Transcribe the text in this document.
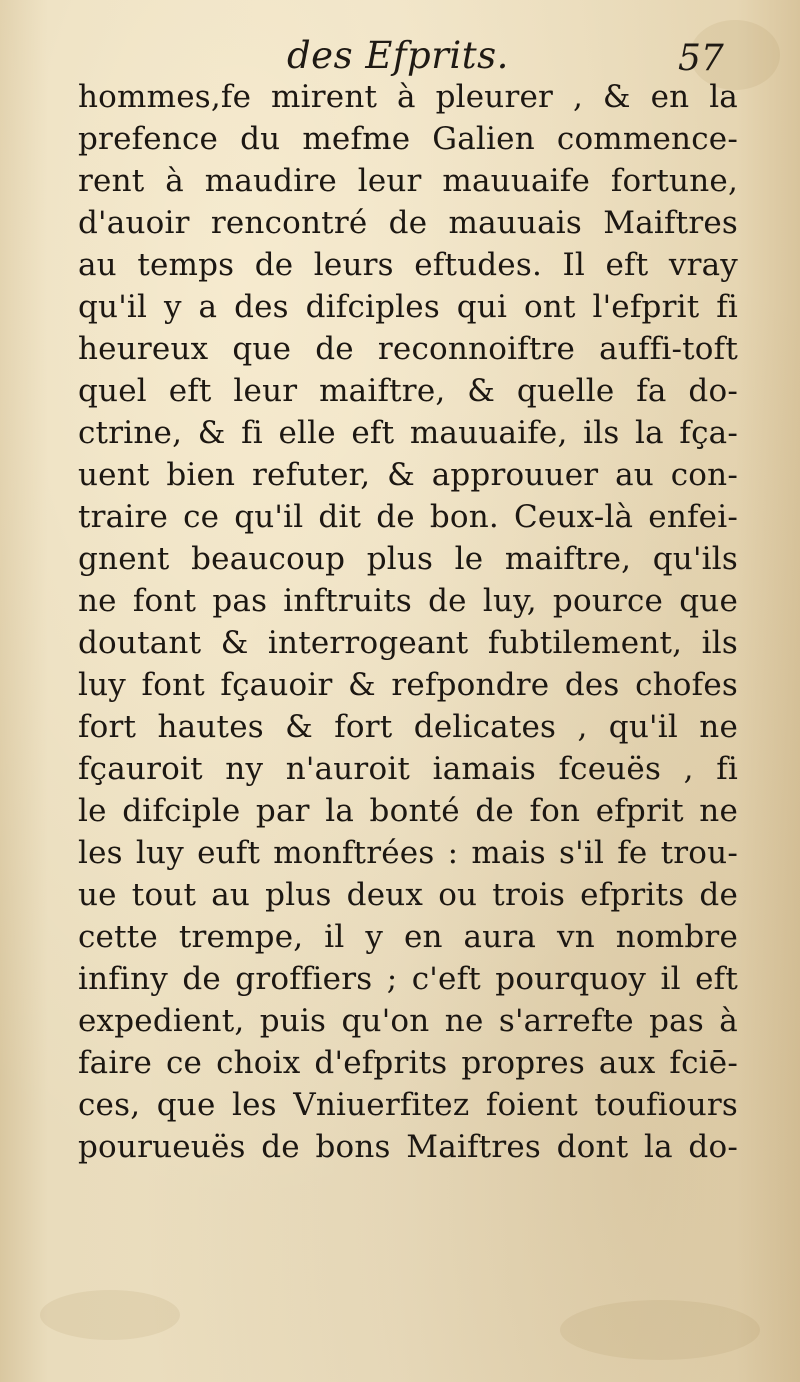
des Efprits.	57
hommes,fe mirent à pleurer , & en la
prefence du mefme Galien commence-
rent à maudire leur mauuaife fortune,
d'auoir rencontré de mauuais Maiftres
au temps de leurs eftudes. Il eft vray
qu'il y a des difciples qui ont l'efprit fi
heureux que de reconnoiftre auffi-toft
quel eft leur maiftre, & quelle fa do-
ctrine, & fi elle eft mauuaife, ils la fça-
uent bien refuter, & approuuer au con-
traire ce qu'il dit de bon. Ceux-là enfei-
gnent beaucoup plus le maiftre, qu'ils
ne font pas inftruits de luy, pource que
doutant & interrogeant fubtilement, ils
luy font fçauoir & refpondre des chofes
fort hautes & fort delicates , qu'il ne
fçauroit ny n'auroit iamais fceuës , fi
le difciple par la bonté de fon efprit ne
les luy euft monftrées : mais s'il fe trou-
ue tout au plus deux ou trois efprits de
cette trempe, il y en aura vn nombre
infiny de groffiers ; c'eft pourquoy il eft
expedient, puis qu'on ne s'arrefte pas à
faire ce choix d'efprits propres aux fciē-
ces, que les Vniuerfitez foient toufiours
pourueuës de bons Maiftres dont la do-
